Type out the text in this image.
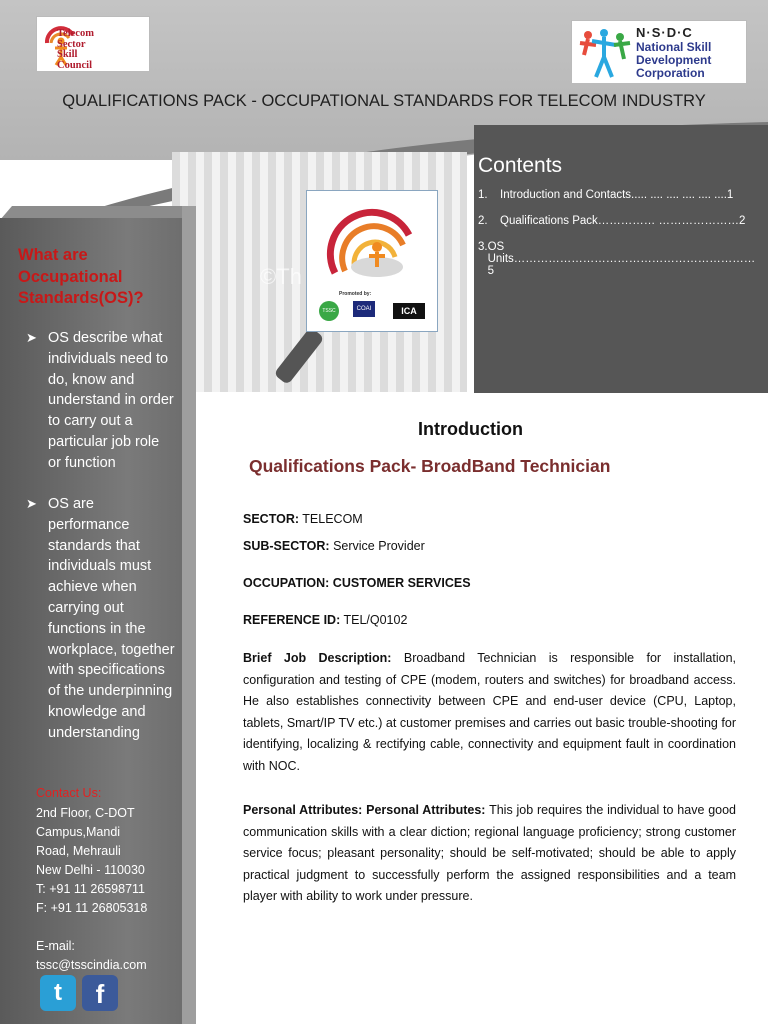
Telecom
Sector
Skill
Council
N·S·D·C
National Skill Development Corporation
QUALIFICATIONS PACK - OCCUPATIONAL STANDARDS FOR TELECOM INDUSTRY
Contents
1.	Introduction and Contacts..... .... .... .... .... ....1
2.	Qualifications Pack…………… …………………2
3. OS Units………………………………………………………5
©Th
Promoted by:
TSSC	COAI	ICA
What are Occupational Standards(OS)?
➤ OS describe what individuals need to do, know and understand in order to carry out a particular job role or function
➤ OS are performance standards that individuals must achieve when carrying out functions in the workplace, together with specifications of the underpinning knowledge and understanding
Contact Us:
2nd Floor, C-DOT
Campus,Mandi
Road, Mehrauli
New Delhi - 110030
T: +91 11 26598711
F: +91 11 26805318
E-mail:
tssc@tsscindia.com
t	f
Introduction
Qualifications Pack- BroadBand Technician
SECTOR: TELECOM
SUB-SECTOR: Service Provider
OCCUPATION: CUSTOMER SERVICES
REFERENCE ID: TEL/Q0102
Brief Job Description: Broadband Technician is responsible for installation, configuration and testing of CPE (modem, routers and switches) for broadband access. He also establishes connectivity between CPE and end-user device (CPU, Laptop, tablets, Smart/IP TV etc.) at customer premises and carries out basic trouble-shooting for identifying, localizing & rectifying cable, connectivity and equipment fault in coordination with NOC.
Personal Attributes: Personal Attributes: This job requires the individual to have good communication skills with a clear diction; regional language proficiency; strong customer service focus; pleasant personality; should be self-motivated; should be able to apply practical judgment to successfully perform the assigned responsibilities and a team player with ability to work under pressure.
